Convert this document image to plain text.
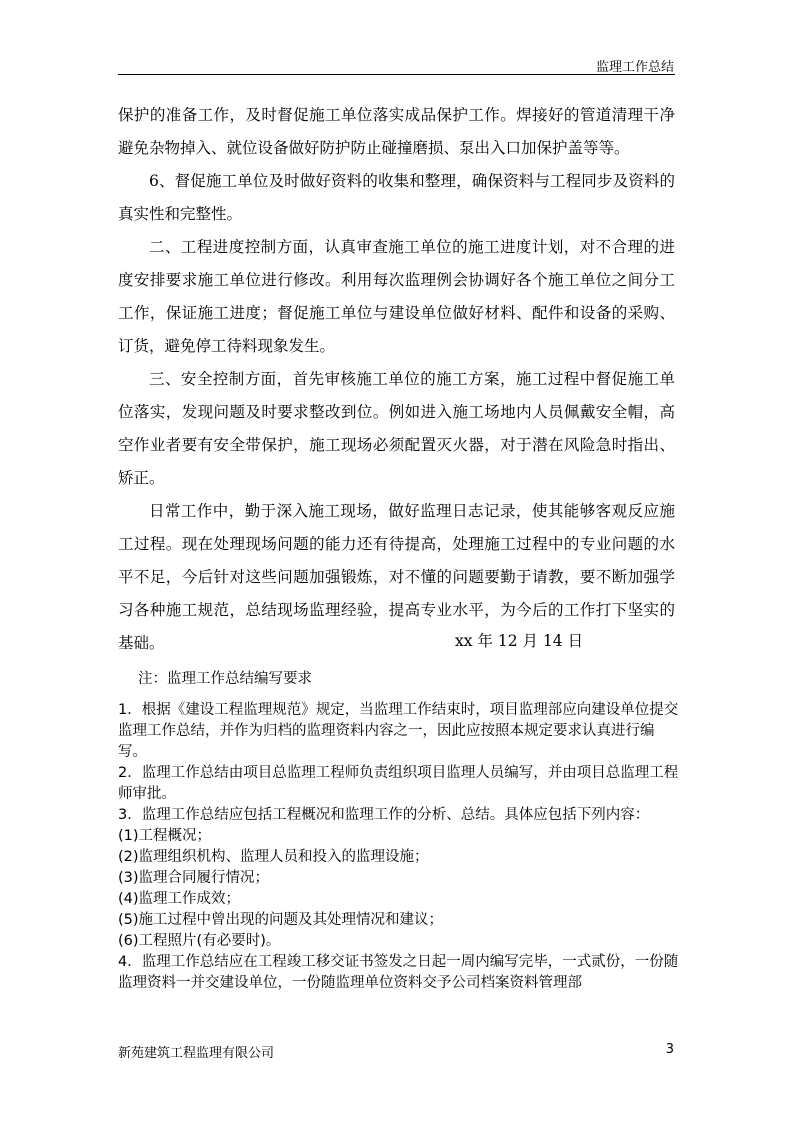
监理工作总结

保护的准备工作，及时督促施工单位落实成品保护工作。焊接好的管道清理干净避免杂物掉入、就位设备做好防护防止碰撞磨损、泵出入口加保护盖等等。

6、督促施工单位及时做好资料的收集和整理，确保资料与工程同步及资料的真实性和完整性。

二、工程进度控制方面，认真审查施工单位的施工进度计划，对不合理的进度安排要求施工单位进行修改。利用每次监理例会协调好各个施工单位之间分工工作，保证施工进度；督促施工单位与建设单位做好材料、配件和设备的采购、订货，避免停工待料现象发生。

三、安全控制方面，首先审核施工单位的施工方案，施工过程中督促施工单位落实，发现问题及时要求整改到位。例如进入施工场地内人员佩戴安全帽，高空作业者要有安全带保护，施工现场必须配置灭火器，对于潜在风险急时指出、矫正。

日常工作中，勤于深入施工现场，做好监理日志记录，使其能够客观反应施工过程。现在处理现场问题的能力还有待提高，处理施工过程中的专业问题的水平不足，今后针对这些问题加强锻炼，对不懂的问题要勤于请教，要不断加强学习各种施工规范，总结现场监理经验，提高专业水平，为今后的工作打下坚实的基础。	xx 年 12 月 14 日

注：监理工作总结编写要求

1．根据《建设工程监理规范》规定，当监理工作结束时，项目监理部应向建设单位提交监理工作总结，并作为归档的监理资料内容之一，因此应按照本规定要求认真进行编写。

2．监理工作总结由项目总监理工程师负责组织项目监理人员编写，并由项目总监理工程师审批。

3．监理工作总结应包括工程概况和监理工作的分析、总结。具体应包括下列内容：

(1)工程概况；

(2)监理组织机构、监理人员和投入的监理设施；

(3)监理合同履行情况；

(4)监理工作成效；

(5)施工过程中曾出现的问题及其处理情况和建议；

(6)工程照片(有必要时)。

4．监理工作总结应在工程竣工移交证书签发之日起一周内编写完毕，一式贰份，一份随监理资料一并交建设单位，一份随监理单位资料交予公司档案资料管理部

新苑建筑工程监理有限公司	3
